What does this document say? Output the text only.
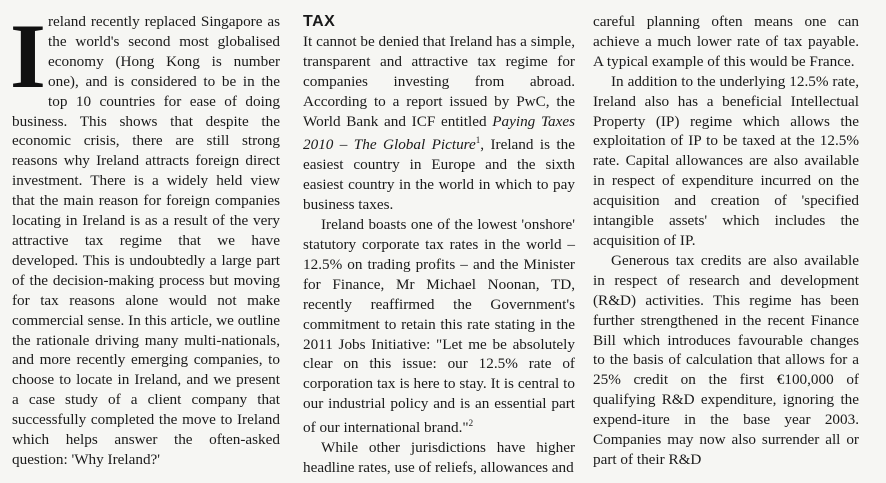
Ireland recently replaced Singapore as the world's second most globalised economy (Hong Kong is number one), and is considered to be in the top 10 countries for ease of doing business. This shows that despite the economic crisis, there are still strong reasons why Ireland attracts foreign direct investment. There is a widely held view that the main reason for foreign companies locating in Ireland is as a result of the very attractive tax regime that we have developed. This is undoubtedly a large part of the decision-making process but moving for tax reasons alone would not make commercial sense. In this article, we outline the rationale driving many multi-nationals, and more recently emerging companies, to choose to locate in Ireland, and we present a case study of a client company that successfully completed the move to Ireland which helps answer the often-asked question: 'Why Ireland?'

TAX

It cannot be denied that Ireland has a simple, transparent and attractive tax regime for companies investing from abroad. According to a report issued by PwC, the World Bank and ICF entitled Paying Taxes 2010 – The Global Picture$^1$, Ireland is the easiest country in Europe and the sixth easiest country in the world in which to pay business taxes.

Ireland boasts one of the lowest 'onshore' statutory corporate tax rates in the world – 12.5% on trading profits – and the Minister for Finance, Mr Michael Noonan, TD, recently reaffirmed the Government's commitment to retain this rate stating in the 2011 Jobs Initiative: "Let me be absolutely clear on this issue: our 12.5% rate of corporation tax is here to stay. It is central to our industrial policy and is an essential part of our international brand."$^2$

While other jurisdictions have higher headline rates, use of reliefs, allowances and

careful planning often means one can achieve a much lower rate of tax payable. A typical example of this would be France.

In addition to the underlying 12.5% rate, Ireland also has a beneficial Intellectual Property (IP) regime which allows the exploitation of IP to be taxed at the 12.5% rate. Capital allowances are also available in respect of expenditure incurred on the acquisition and creation of 'specified intangible assets' which includes the acquisition of IP.

Generous tax credits are also available in respect of research and development (R&D) activities. This regime has been further strengthened in the recent Finance Bill which introduces favourable changes to the basis of calculation that allows for a 25% credit on the first €100,000 of qualifying R&D expenditure, ignoring the expend-iture in the base year 2003. Companies may now also surrender all or part of their R&D
